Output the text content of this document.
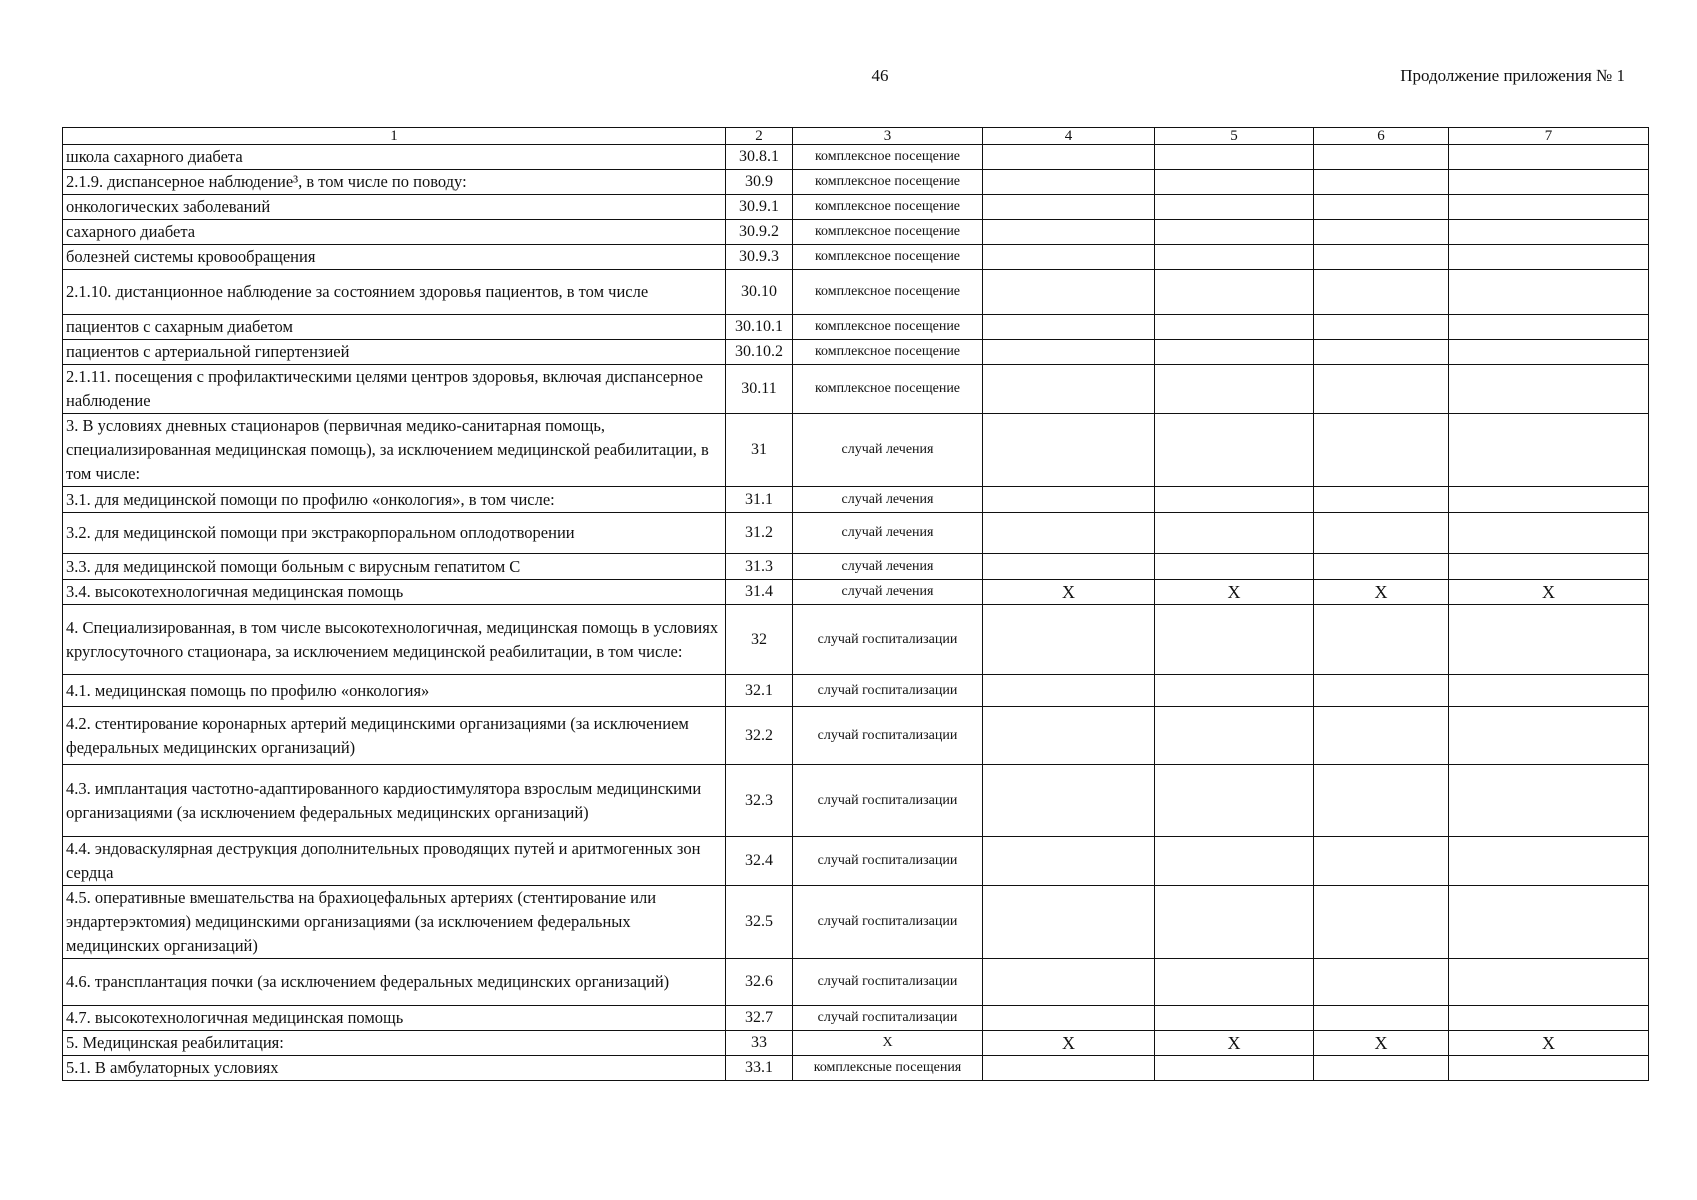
46	Продолжение приложения № 1
1	2	3	4	5	6	7
школа сахарного диабета	30.8.1	комплексное посещение				
2.1.9. диспансерное наблюдение³, в том числе по поводу:	30.9	комплексное посещение				
онкологических заболеваний	30.9.1	комплексное посещение				
сахарного диабета	30.9.2	комплексное посещение				
болезней системы кровообращения	30.9.3	комплексное посещение				
2.1.10. дистанционное наблюдение за состоянием здоровья пациентов, в том числе	30.10	комплексное посещение				
пациентов с сахарным диабетом	30.10.1	комплексное посещение				
пациентов с артериальной гипертензией	30.10.2	комплексное посещение				
2.1.11. посещения с профилактическими целями центров здоровья, включая диспансерное наблюдение	30.11	комплексное посещение				
3. В условиях дневных стационаров (первичная медико-санитарная помощь, специализированная медицинская помощь), за исключением медицинской реабилитации, в том числе:	31	случай лечения				
3.1. для медицинской помощи по профилю «онкология», в том числе:	31.1	случай лечения				
3.2. для медицинской помощи при экстракорпоральном оплодотворении	31.2	случай лечения				
3.3. для медицинской помощи больным с вирусным гепатитом С	31.3	случай лечения				
3.4. высокотехнологичная медицинская помощь	31.4	случай лечения	X	X	X	X
4. Специализированная, в том числе высокотехнологичная, медицинская помощь в условиях круглосуточного стационара, за исключением медицинской реабилитации, в том числе:	32	случай госпитализации				
4.1. медицинская помощь по профилю «онкология»	32.1	случай госпитализации				
4.2. стентирование коронарных артерий медицинскими организациями (за исключением федеральных медицинских организаций)	32.2	случай госпитализации				
4.3. имплантация частотно-адаптированного кардиостимулятора взрослым медицинскими организациями (за исключением федеральных медицинских организаций)	32.3	случай госпитализации				
4.4. эндоваскулярная деструкция дополнительных проводящих путей и аритмогенных зон сердца	32.4	случай госпитализации				
4.5. оперативные вмешательства на брахиоцефальных артериях (стентирование или эндартерэктомия) медицинскими организациями (за исключением федеральных медицинских организаций)	32.5	случай госпитализации				
4.6. трансплантация почки (за исключением федеральных медицинских организаций)	32.6	случай госпитализации				
4.7. высокотехнологичная медицинская помощь	32.7	случай госпитализации				
5. Медицинская реабилитация:	33	X	X	X	X	X
5.1. В амбулаторных условиях	33.1	комплексные посещения				
